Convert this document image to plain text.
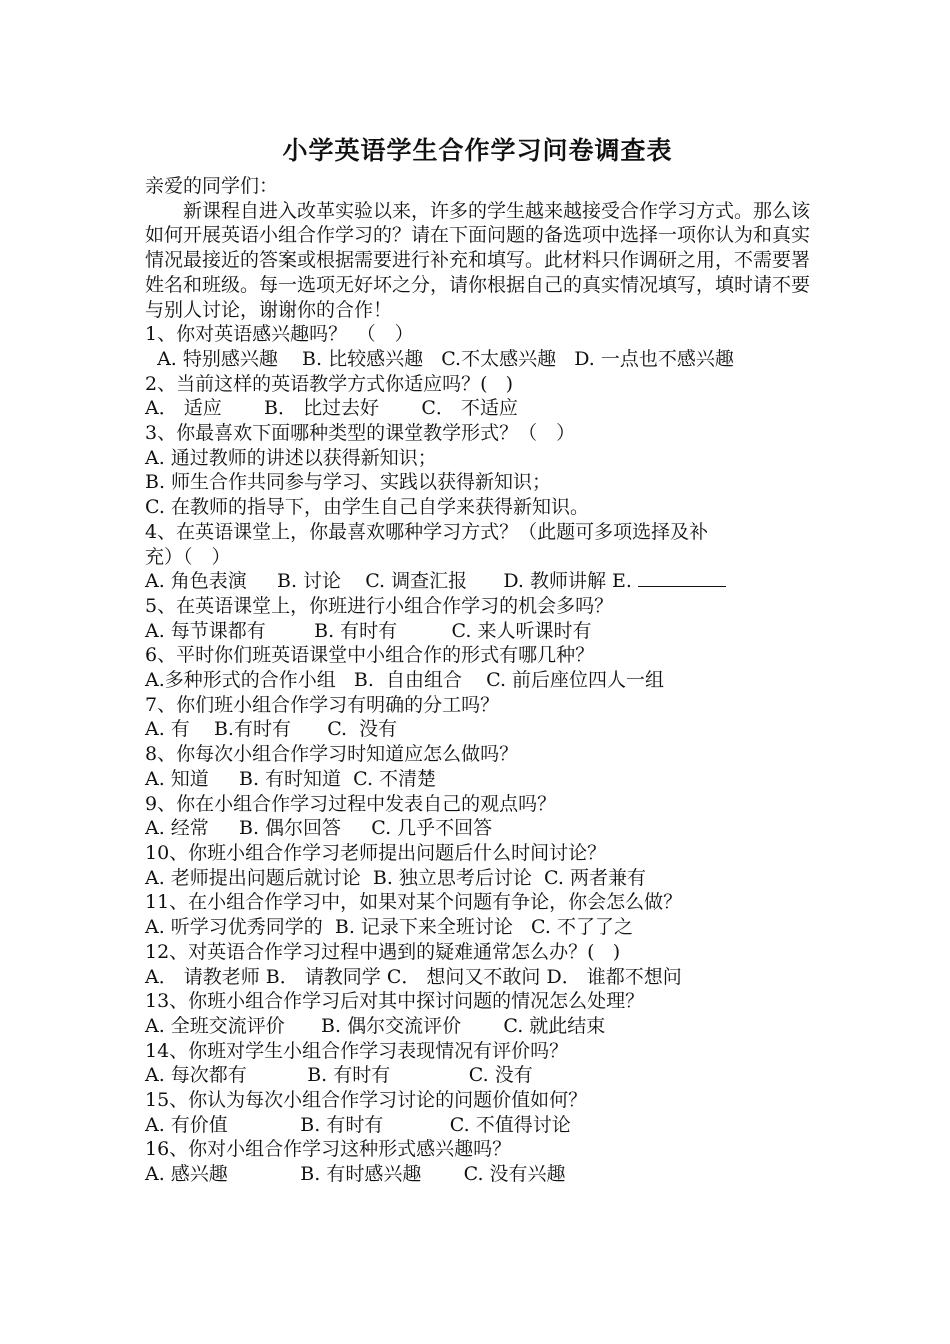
小学英语学生合作学习问卷调查表
亲爱的同学们：
新课程自进入改革实验以来，许多的学生越来越接受合作学习方式。那么该如何开展英语小组合作学习的？请在下面问题的备选项中选择一项你认为和真实情况最接近的答案或根据需要进行补充和填写。此材料只作调研之用，不需要署姓名和班级。每一选项无好坏之分，请你根据自己的真实情况填写，填时请不要与别人讨论，谢谢你的合作！
1、你对英语感兴趣吗？　（　）
A. 特别感兴趣    B. 比较感兴趣   C.不太感兴趣   D. 一点也不感兴趣
2、当前这样的英语教学方式你适应吗？(   )
A． 适应       B． 比过去好       C． 不适应
3、你最喜欢下面哪种类型的课堂教学形式？（　）
A. 通过教师的讲述以获得新知识；
B. 师生合作共同参与学习、实践以获得新知识；
C. 在教师的指导下，由学生自己自学来获得新知识。
4、在英语课堂上，你最喜欢哪种学习方式？（此题可多项选择及补
充）（　）
A. 角色表演     B. 讨论    C. 调查汇报      D. 教师讲解 E.
5、在英语课堂上，你班进行小组合作学习的机会多吗？
A. 每节课都有        B. 有时有         C. 来人听课时有
6、平时你们班英语课堂中小组合作的形式有哪几种？
A.多种形式的合作小组   B.  自由组合    C. 前后座位四人一组
7、你们班小组合作学习有明确的分工吗？
A. 有    B.有时有      C.  没有
8、你每次小组合作学习时知道应怎么做吗？
A. 知道     B. 有时知道  C. 不清楚
9、你在小组合作学习过程中发表自己的观点吗？
A. 经常     B. 偶尔回答     C. 几乎不回答
10、你班小组合作学习老师提出问题后什么时间讨论？
A. 老师提出问题后就讨论  B. 独立思考后讨论  C. 两者兼有
11、在小组合作学习中，如果对某个问题有争论，你会怎么做？
A. 听学习优秀同学的  B. 记录下来全班讨论   C. 不了了之
12、对英语合作学习过程中遇到的疑难通常怎么办？(   )
A． 请教老师 B． 请教同学 C． 想问又不敢问 D． 谁都不想问
13、你班小组合作学习后对其中探讨问题的情况怎么处理？
A. 全班交流评价      B. 偶尔交流评价       C. 就此结束
14、你班对学生小组合作学习表现情况有评价吗？
A. 每次都有          B. 有时有             C. 没有
15、你认为每次小组合作学习讨论的问题价值如何？
A. 有价值            B. 有时有           C. 不值得讨论
16、你对小组合作学习这种形式感兴趣吗？
A. 感兴趣            B. 有时感兴趣       C. 没有兴趣
